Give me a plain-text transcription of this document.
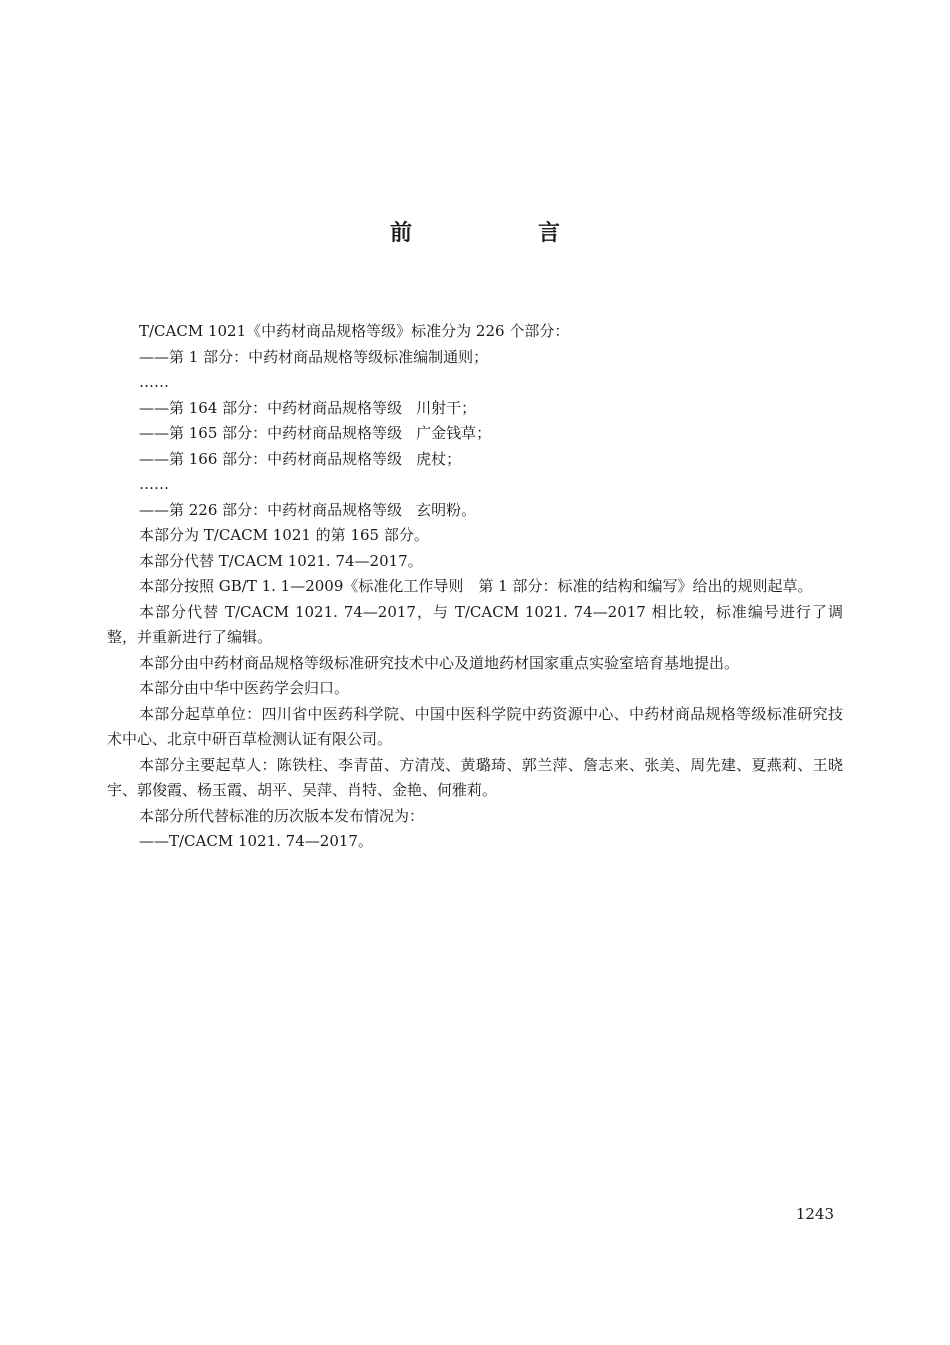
前　言
T/CACM 1021《中药材商品规格等级》标准分为 226 个部分：
——第 1 部分：中药材商品规格等级标准编制通则；
……
——第 164 部分：中药材商品规格等级 川射干；
——第 165 部分：中药材商品规格等级 广金钱草；
——第 166 部分：中药材商品规格等级 虎杖；
……
——第 226 部分：中药材商品规格等级 玄明粉。
本部分为 T/CACM 1021 的第 165 部分。
本部分代替 T/CACM 1021. 74—2017。
本部分按照 GB/T 1. 1—2009《标准化工作导则　第 1 部分：标准的结构和编写》给出的规则起草。
本部分代替 T/CACM 1021. 74—2017，与 T/CACM 1021. 74—2017 相比较，标准编号进行了调整，并重新进行了编辑。
本部分由中药材商品规格等级标准研究技术中心及道地药材国家重点实验室培育基地提出。
本部分由中华中医药学会归口。
本部分起草单位：四川省中医药科学院、中国中医科学院中药资源中心、中药材商品规格等级标准研究技术中心、北京中研百草检测认证有限公司。
本部分主要起草人：陈铁柱、李青苗、方清茂、黄璐琦、郭兰萍、詹志来、张美、周先建、夏燕莉、王晓宇、郭俊霞、杨玉霞、胡平、吴萍、肖特、金艳、何雅莉。
本部分所代替标准的历次版本发布情况为：
——T/CACM 1021. 74—2017。
1243
